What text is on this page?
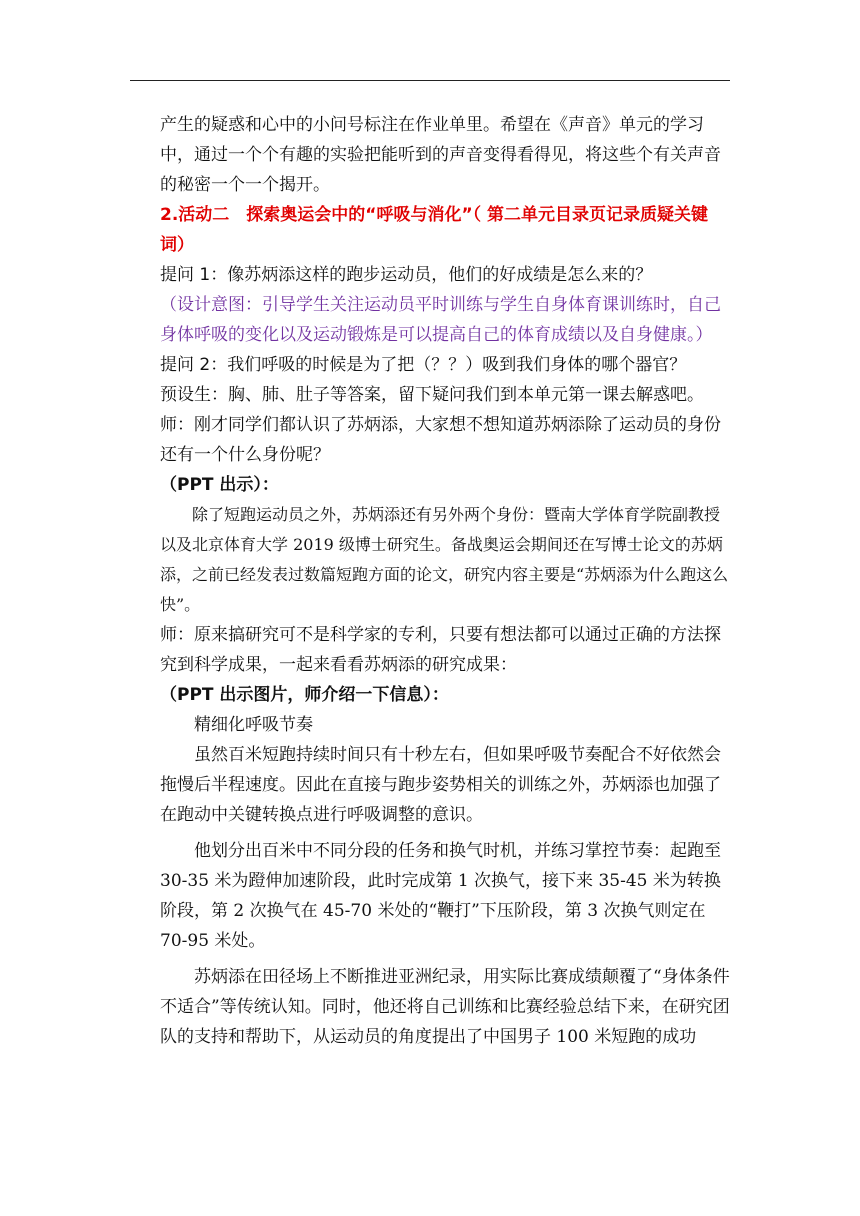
产生的疑惑和心中的小问号标注在作业单里。希望在《声音》单元的学习中，通过一个个有趣的实验把能听到的声音变得看得见，将这些个有关声音的秘密一个一个揭开。

2.活动二　探索奥运会中的“呼吸与消化”（ 第二单元目录页记录质疑关键词）

提问 1：像苏炳添这样的跑步运动员，他们的好成绩是怎么来的？

（设计意图：引导学生关注运动员平时训练与学生自身体育课训练时，自己身体呼吸的变化以及运动锻炼是可以提高自己的体育成绩以及自身健康。）

提问 2：我们呼吸的时候是为了把（？？）吸到我们身体的哪个器官？

预设生：胸、肺、肚子等答案，留下疑问我们到本单元第一课去解惑吧。

师：刚才同学们都认识了苏炳添，大家想不想知道苏炳添除了运动员的身份还有一个什么身份呢？

（PPT 出示）：

除了短跑运动员之外，苏炳添还有另外两个身份：暨南大学体育学院副教授以及北京体育大学 2019 级博士研究生。备战奥运会期间还在写博士论文的苏炳添，之前已经发表过数篇短跑方面的论文，研究内容主要是“苏炳添为什么跑这么快”。

师：原来搞研究可不是科学家的专利，只要有想法都可以通过正确的方法探究到科学成果，一起来看看苏炳添的研究成果：

（PPT 出示图片，师介绍一下信息）：

精细化呼吸节奏

虽然百米短跑持续时间只有十秒左右，但如果呼吸节奏配合不好依然会拖慢后半程速度。因此在直接与跑步姿势相关的训练之外，苏炳添也加强了在跑动中关键转换点进行呼吸调整的意识。

他划分出百米中不同分段的任务和换气时机，并练习掌控节奏：起跑至 30-35 米为蹬伸加速阶段，此时完成第 1 次换气，接下来 35-45 米为转换阶段，第 2 次换气在 45-70 米处的“鞭打”下压阶段，第 3 次换气则定在 70-95 米处。

苏炳添在田径场上不断推进亚洲纪录，用实际比赛成绩颠覆了“身体条件不适合”等传统认知。同时，他还将自己训练和比赛经验总结下来，在研究团队的支持和帮助下，从运动员的角度提出了中国男子 100 米短跑的成功
